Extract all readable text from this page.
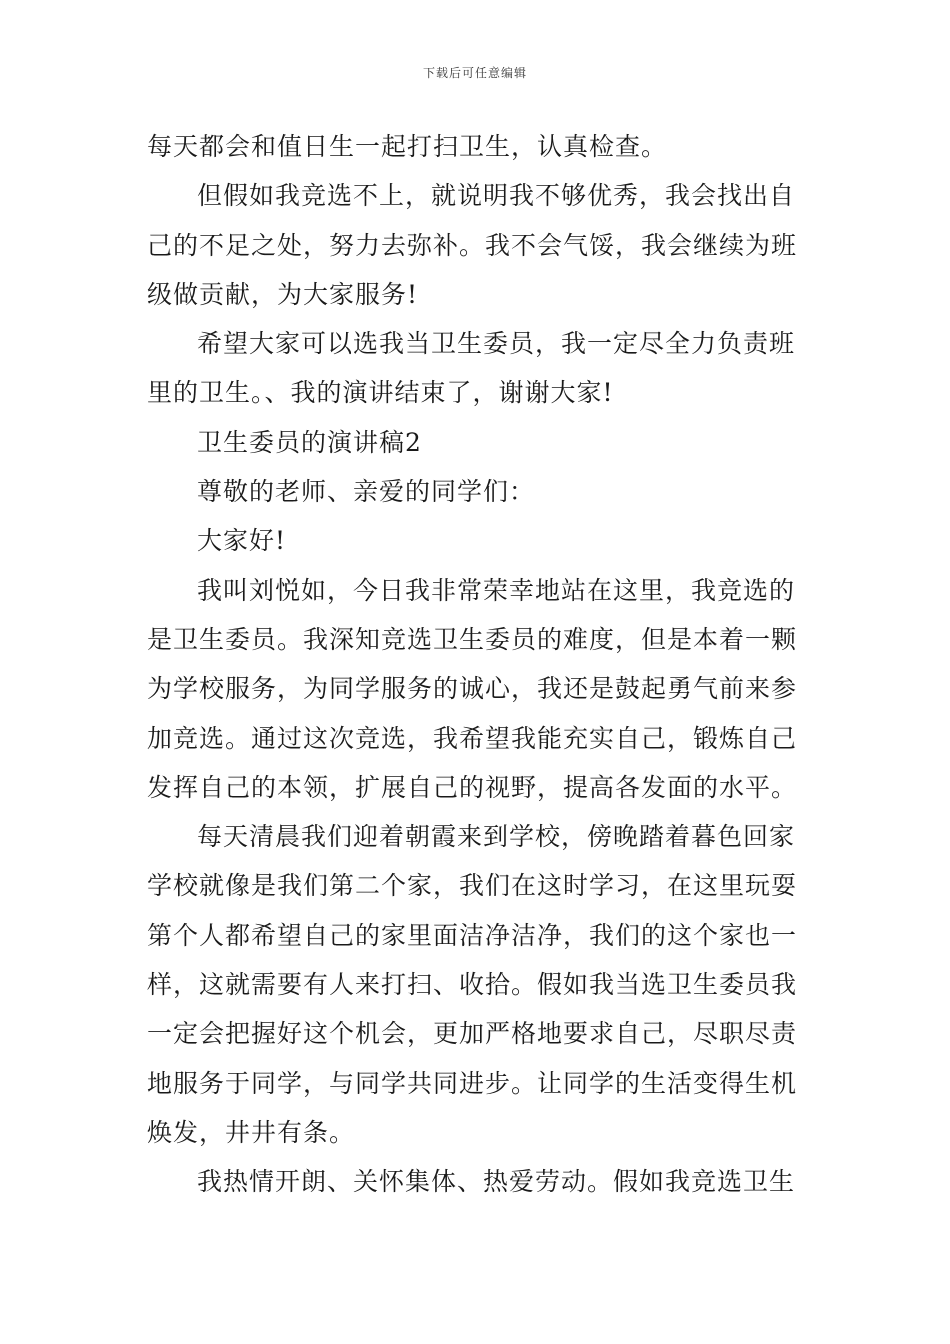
下载后可任意编辑
每天都会和值日生一起打扫卫生，认真检查。
但假如我竞选不上，就说明我不够优秀，我会找出自
己的不足之处，努力去弥补。我不会气馁，我会继续为班
级做贡献，为大家服务!
希望大家可以选我当卫生委员，我一定尽全力负责班
里的卫生。、我的演讲结束了，谢谢大家!
卫生委员的演讲稿2
尊敬的老师、亲爱的同学们：
大家好!
我叫刘悦如，今日我非常荣幸地站在这里，我竞选的
是卫生委员。我深知竞选卫生委员的难度，但是本着一颗
为学校服务，为同学服务的诚心，我还是鼓起勇气前来参
加竞选。通过这次竞选，我希望我能充实自己，锻炼自己
发挥自己的本领，扩展自己的视野，提高各发面的水平。
每天清晨我们迎着朝霞来到学校，傍晚踏着暮色回家
学校就像是我们第二个家，我们在这时学习，在这里玩耍
第个人都希望自己的家里面洁净洁净，我们的这个家也一
样，这就需要有人来打扫、收拾。假如我当选卫生委员我
一定会把握好这个机会，更加严格地要求自己，尽职尽责
地服务于同学，与同学共同进步。让同学的生活变得生机
焕发，井井有条。
我热情开朗、关怀集体、热爱劳动。假如我竞选卫生
